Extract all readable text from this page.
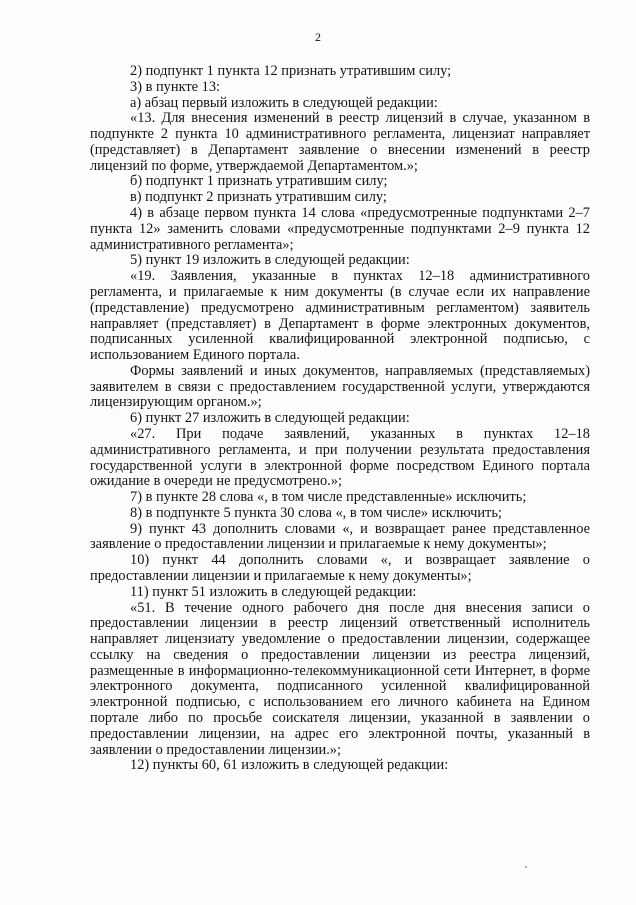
2

2) подпункт 1 пункта 12 признать утратившим силу;

3) в пункте 13:

а) абзац первый изложить в следующей редакции:

«13. Для внесения изменений в реестр лицензий в случае, указанном в подпункте 2 пункта 10 административного регламента, лицензиат направляет (представляет) в Департамент заявление о внесении изменений в реестр лицензий по форме, утверждаемой Департаментом.»;

б) подпункт 1 признать утратившим силу;

в) подпункт 2 признать утратившим силу;

4) в абзаце первом пункта 14 слова «предусмотренные подпунктами 2–7 пункта 12» заменить словами «предусмотренные подпунктами 2–9 пункта 12 административного регламента»;

5) пункт 19 изложить в следующей редакции:

«19. Заявления, указанные в пунктах 12–18 административного регламента, и прилагаемые к ним документы (в случае если их направление (представление) предусмотрено административным регламентом) заявитель направляет (представляет) в Департамент в форме электронных документов, подписанных усиленной квалифицированной электронной подписью, с использованием Единого портала.

Формы заявлений и иных документов, направляемых (представляемых) заявителем в связи с предоставлением государственной услуги, утверждаются лицензирующим органом.»;

6) пункт 27 изложить в следующей редакции:

«27. При подаче заявлений, указанных в пунктах 12–18 административного регламента, и при получении результата предоставления государственной услуги в электронной форме посредством Единого портала ожидание в очереди не предусмотрено.»;

7) в пункте 28 слова «, в том числе представленные» исключить;

8) в подпункте 5 пункта 30 слова «, в том числе» исключить;

9) пункт 43 дополнить словами «, и возвращает ранее представленное заявление о предоставлении лицензии и прилагаемые к нему документы»;

10) пункт 44 дополнить словами «, и возвращает заявление о предоставлении лицензии и прилагаемые к нему документы»;

11) пункт 51 изложить в следующей редакции:

«51. В течение одного рабочего дня после дня внесения записи о предоставлении лицензии в реестр лицензий ответственный исполнитель направляет лицензиату уведомление о предоставлении лицензии, содержащее ссылку на сведения о предоставлении лицензии из реестра лицензий, размещенные в информационно-телекоммуникационной сети Интернет, в форме электронного документа, подписанного усиленной квалифицированной электронной подписью, с использованием его личного кабинета на Едином портале либо по просьбе соискателя лицензии, указанной в заявлении о предоставлении лицензии, на адрес его электронной почты, указанный в заявлении о предоставлении лицензии.»;

12) пункты 60, 61 изложить в следующей редакции:
